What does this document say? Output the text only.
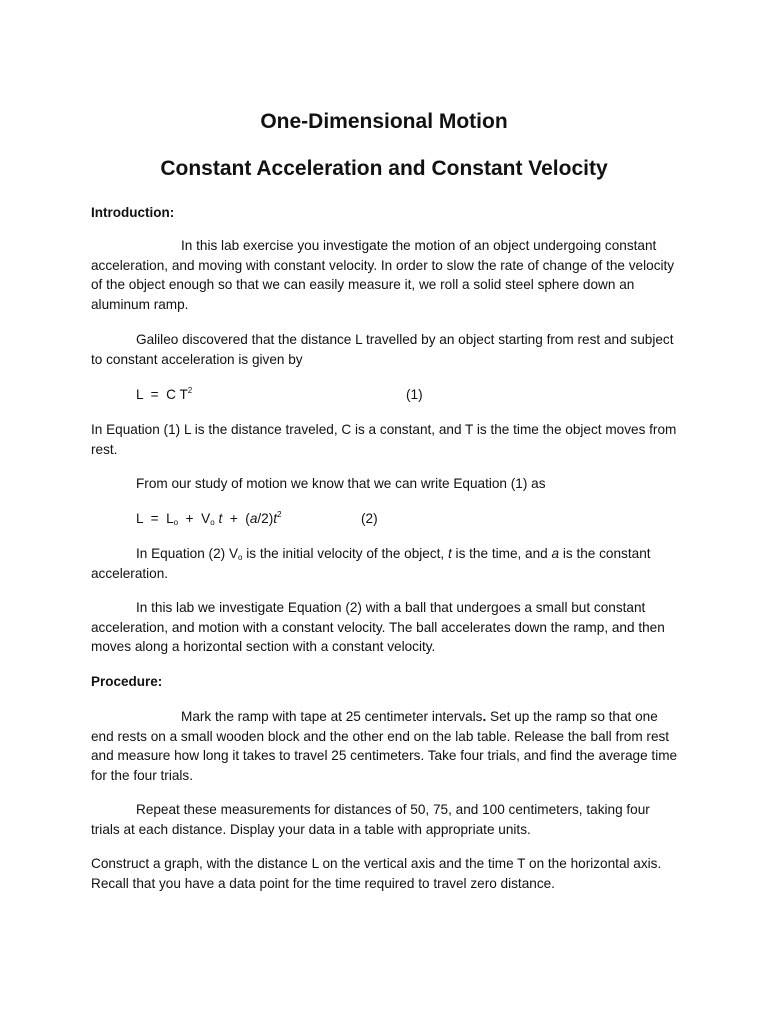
One-Dimensional Motion
Constant Acceleration and Constant Velocity

Introduction:

In this lab exercise you investigate the motion of an object undergoing constant acceleration, and moving with constant velocity. In order to slow the rate of change of the velocity of the object enough so that we can easily measure it, we roll a solid steel sphere down an aluminum ramp.

Galileo discovered that the distance L travelled by an object starting from rest and subject to constant acceleration is given by

L  =  C $T^2$	(1)

In Equation (1) L is the distance traveled, C is a constant, and T is the time the object moves from rest.

From our study of motion we know that we can write Equation (1) as

$L = L_o + V_o$ $t + (a/2)t^2$	(2)

In Equation (2) $V_o$ is the initial velocity of the object, t is the time, and a is the constant acceleration.

In this lab we investigate Equation (2) with a ball that undergoes a small but constant acceleration, and motion with a constant velocity. The ball accelerates down the ramp, and then moves along a horizontal section with a constant velocity.

Procedure:

Mark the ramp with tape at 25 centimeter intervals. Set up the ramp so that one end rests on a small wooden block and the other end on the lab table. Release the ball from rest and measure how long it takes to travel 25 centimeters. Take four trials, and find the average time for the four trials.

Repeat these measurements for distances of 50, 75, and 100 centimeters, taking four trials at each distance. Display your data in a table with appropriate units.

Construct a graph, with the distance L on the vertical axis and the time T on the horizontal axis. Recall that you have a data point for the time required to travel zero distance.
